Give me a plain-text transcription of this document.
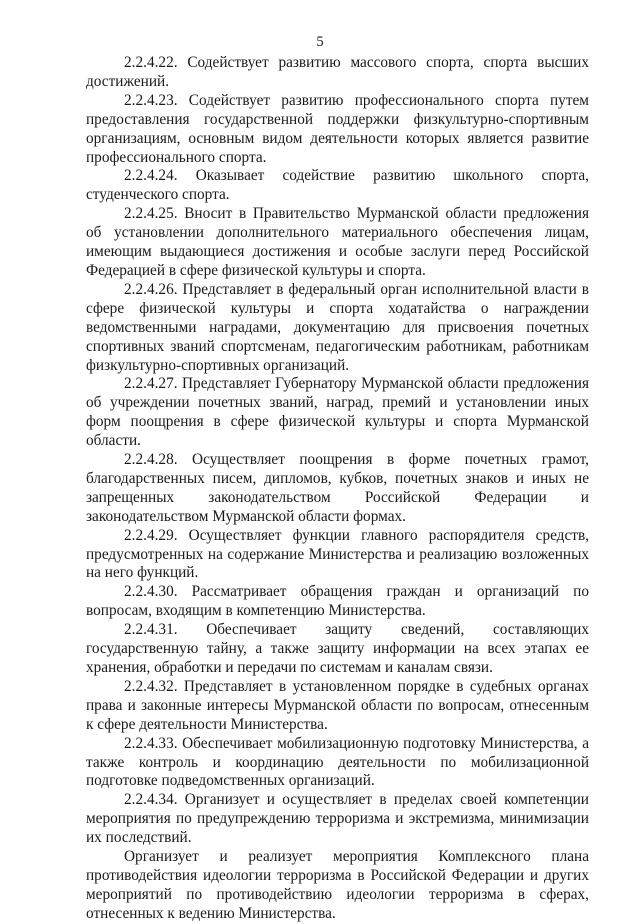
5

2.2.4.22. Содействует развитию массового спорта, спорта высших достижений.

2.2.4.23. Содействует развитию профессионального спорта путем предоставления государственной поддержки физкультурно-спортивным организациям, основным видом деятельности которых является развитие профессионального спорта.

2.2.4.24. Оказывает содействие развитию школьного спорта, студенческого спорта.

2.2.4.25. Вносит в Правительство Мурманской области предложения об установлении дополнительного материального обеспечения лицам, имеющим выдающиеся достижения и особые заслуги перед Российской Федерацией в сфере физической культуры и спорта.

2.2.4.26. Представляет в федеральный орган исполнительной власти в сфере физической культуры и спорта ходатайства о награждении ведомственными наградами, документацию для присвоения почетных спортивных званий спортсменам, педагогическим работникам, работникам физкультурно-спортивных организаций.

2.2.4.27. Представляет Губернатору Мурманской области предложения об учреждении почетных званий, наград, премий и установлении иных форм поощрения в сфере физической культуры и спорта Мурманской области.

2.2.4.28. Осуществляет поощрения в форме почетных грамот, благодарственных писем, дипломов, кубков, почетных знаков и иных не запрещенных законодательством Российской Федерации и законодательством Мурманской области формах.

2.2.4.29. Осуществляет функции главного распорядителя средств, предусмотренных на содержание Министерства и реализацию возложенных на него функций.

2.2.4.30. Рассматривает обращения граждан и организаций по вопросам, входящим в компетенцию Министерства.

2.2.4.31. Обеспечивает защиту сведений, составляющих государственную тайну, а также защиту информации на всех этапах ее хранения, обработки и передачи по системам и каналам связи.

2.2.4.32. Представляет в установленном порядке в судебных органах права и законные интересы Мурманской области по вопросам, отнесенным к сфере деятельности Министерства.

2.2.4.33. Обеспечивает мобилизационную подготовку Министерства, а также контроль и координацию деятельности по мобилизационной подготовке подведомственных организаций.

2.2.4.34. Организует и осуществляет в пределах своей компетенции мероприятия по предупреждению терроризма и экстремизма, минимизации их последствий.

Организует и реализует мероприятия Комплексного плана противодействия идеологии терроризма в Российской Федерации и других мероприятий по противодействию идеологии терроризма в сферах, отнесенных к ведению Министерства.
